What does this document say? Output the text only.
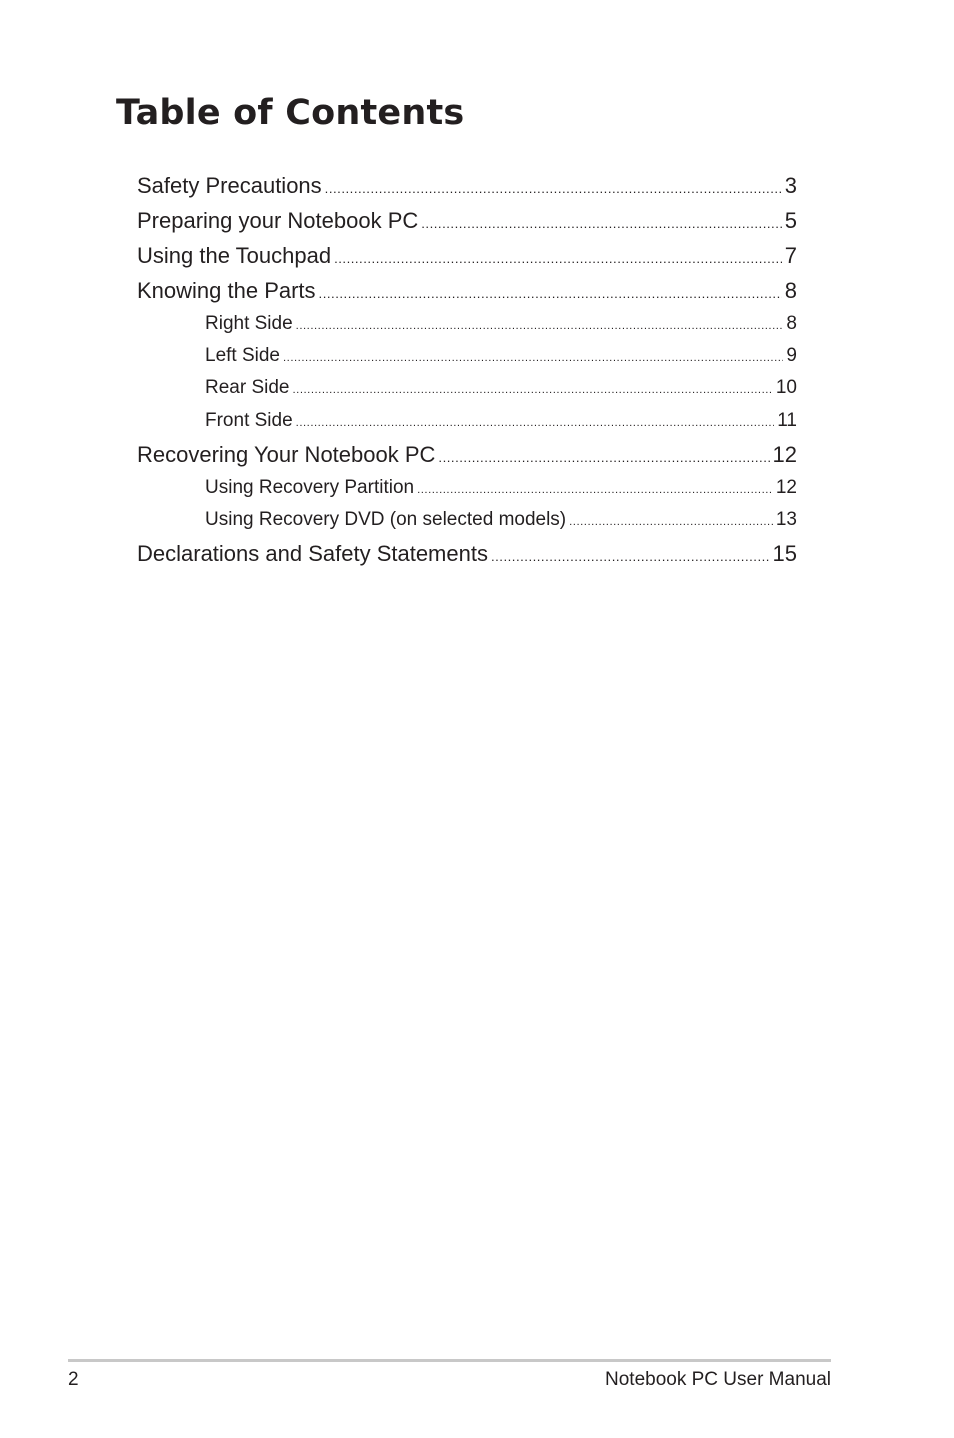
Table of Contents
Safety Precautions .....	3
Preparing your Notebook PC .....	5
Using the Touchpad .....	7
Knowing the Parts .....	8
Right Side .....	8
Left Side .....	9
Rear Side .....	10
Front Side .....	11
Recovering Your Notebook PC .....	12
Using Recovery Partition .....	12
Using Recovery DVD (on selected models) .....	13
Declarations and Safety Statements .....	15
2	Notebook PC User Manual
